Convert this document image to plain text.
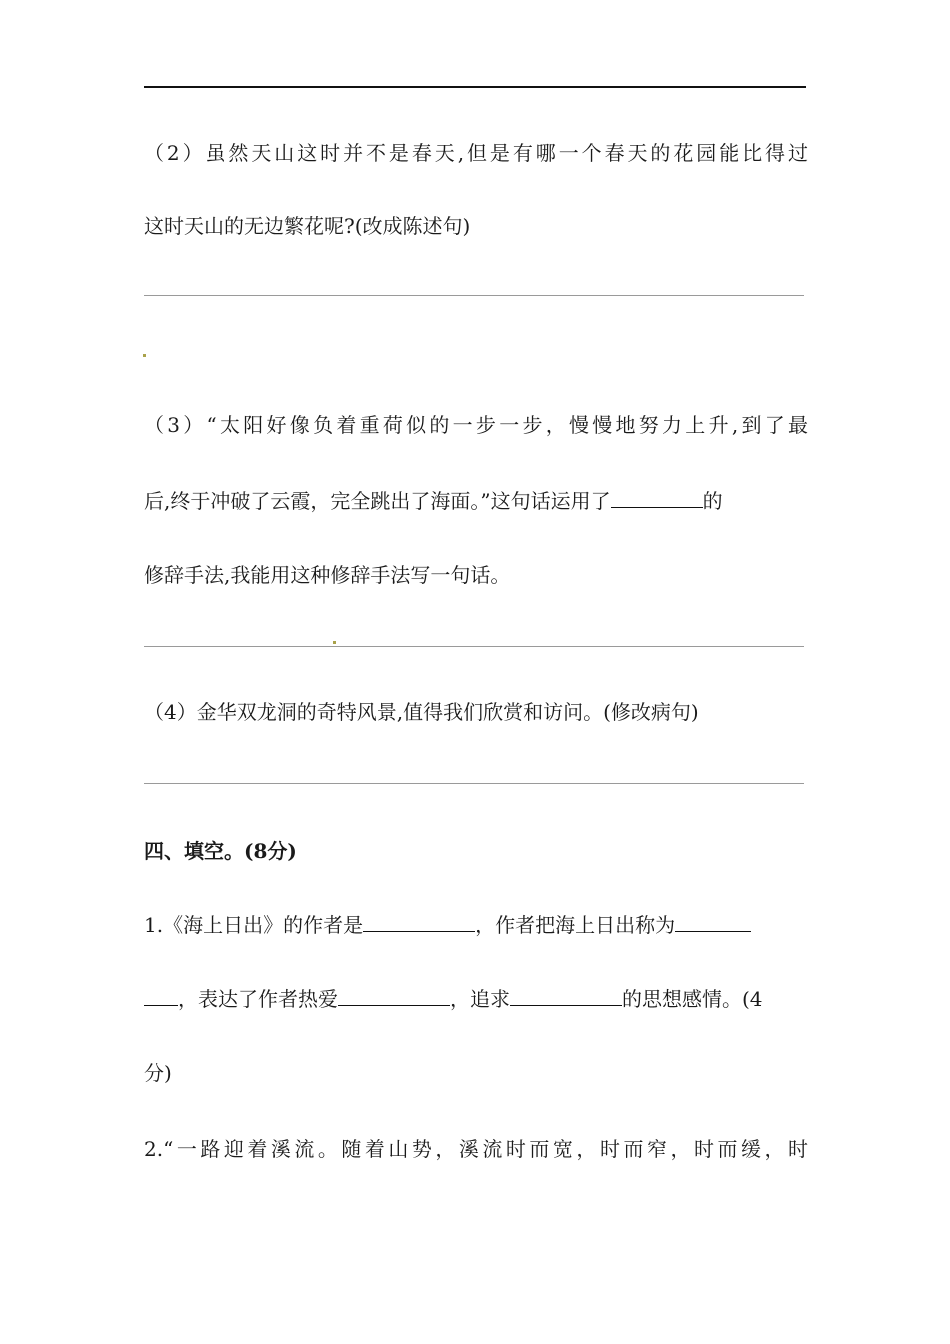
（2）虽然天山这时并不是春天,但是有哪一个春天的花园能比得过
这时天山的无边繁花呢?(改成陈述句)
（3）“太阳好像负着重荷似的一步一步，慢慢地努力上升,到了最
后,终于冲破了云霞，完全跳出了海面。”这句话运用了	的
修辞手法,我能用这种修辞手法写一句话。
（4）金华双龙洞的奇特风景,值得我们欣赏和访问。(修改病句)
四、填空。(8分)
1.《海上日出》的作者是	，作者把海上日出称为
，表达了作者热爱	，追求	的思想感情。(4
分)
2.“一路迎着溪流。随着山势，溪流时而宽，时而窄，时而缓，时
